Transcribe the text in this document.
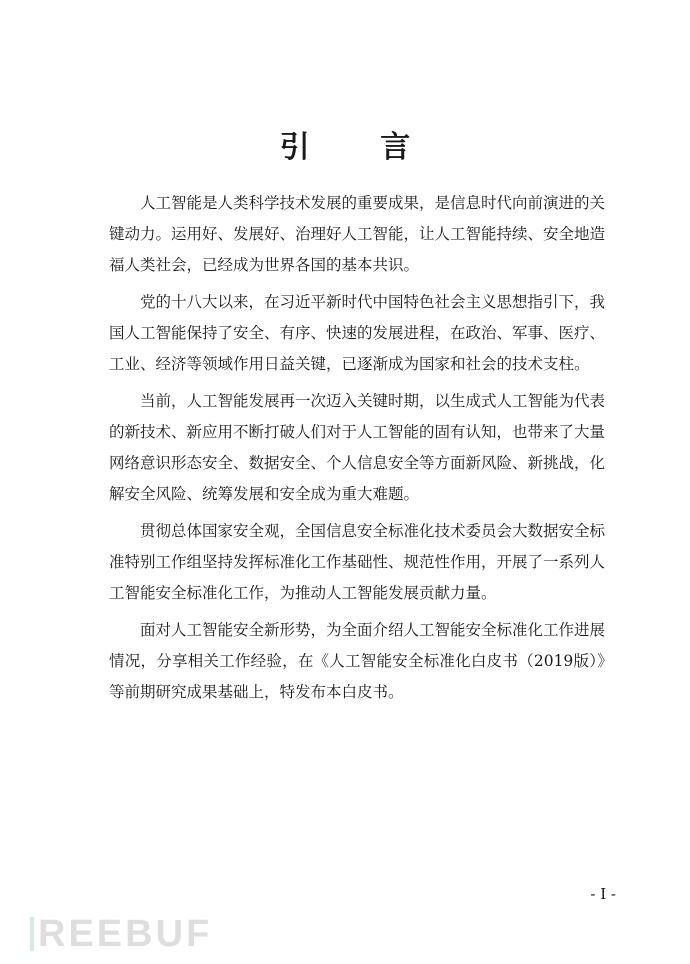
引 言

人工智能是人类科学技术发展的重要成果，是信息时代向前演进的关键动力。运用好、发展好、治理好人工智能，让人工智能持续、安全地造福人类社会，已经成为世界各国的基本共识。

党的十八大以来，在习近平新时代中国特色社会主义思想指引下，我国人工智能保持了安全、有序、快速的发展进程，在政治、军事、医疗、工业、经济等领域作用日益关键，已逐渐成为国家和社会的技术支柱。

当前，人工智能发展再一次迈入关键时期，以生成式人工智能为代表的新技术、新应用不断打破人们对于人工智能的固有认知，也带来了大量网络意识形态安全、数据安全、个人信息安全等方面新风险、新挑战，化解安全风险、统筹发展和安全成为重大难题。

贯彻总体国家安全观，全国信息安全标准化技术委员会大数据安全标准特别工作组坚持发挥标准化工作基础性、规范性作用，开展了一系列人工智能安全标准化工作，为推动人工智能发展贡献力量。

面对人工智能安全新形势，为全面介绍人工智能安全标准化工作进展情况，分享相关工作经验，在《人工智能安全标准化白皮书（2019版）》等前期研究成果基础上，特发布本白皮书。

- I -
REEBUF
